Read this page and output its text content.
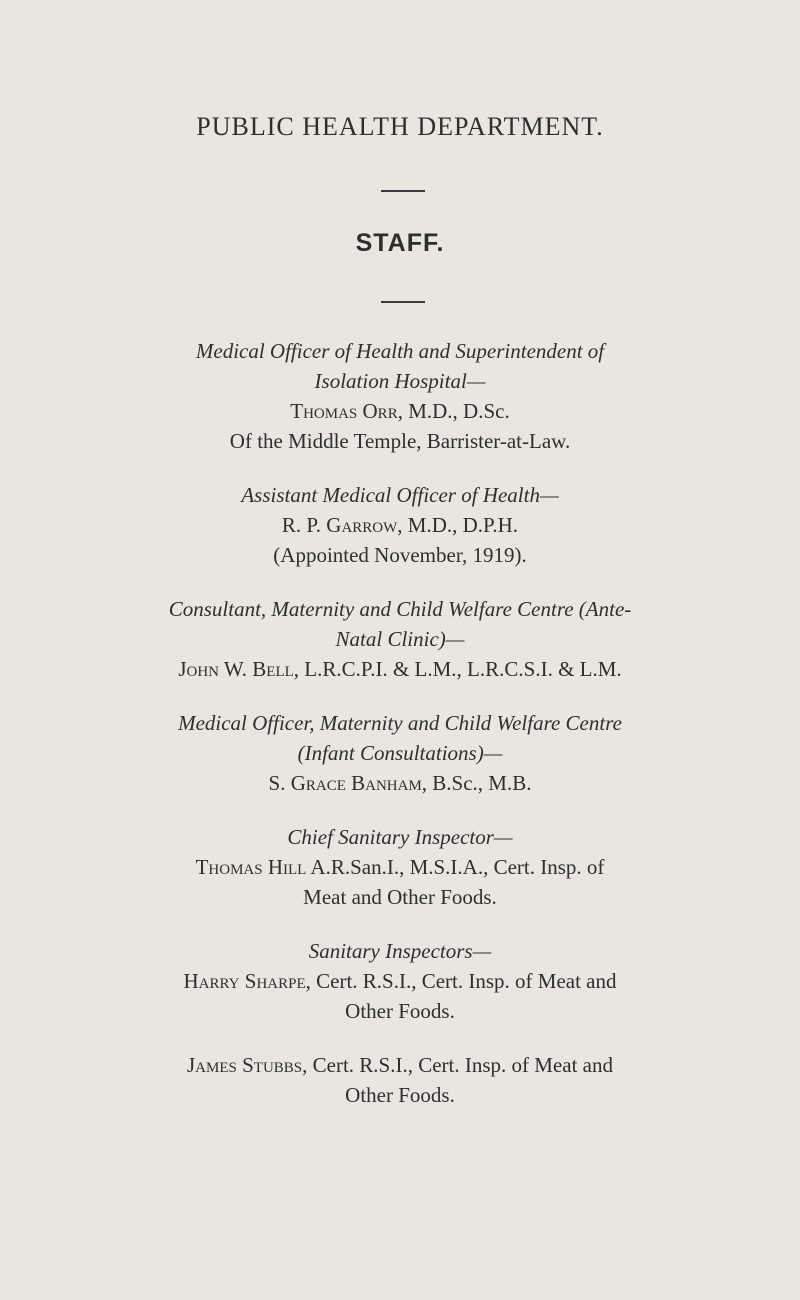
PUBLIC HEALTH DEPARTMENT.
STAFF.
Medical Officer of Health and Superintendent of
Isolation Hospital—
Thomas Orr, M.D., D.Sc.
Of the Middle Temple, Barrister-at-Law.
Assistant Medical Officer of Health—
R. P. Garrow, M.D., D.P.H.
(Appointed November, 1919).
Consultant, Maternity and Child Welfare Centre (Ante-
Natal Clinic)—
John W. Bell, L.R.C.P.I. & L.M., L.R.C.S.I. & L.M.
Medical Officer, Maternity and Child Welfare Centre
(Infant Consultations)—
S. Grace Banham, B.Sc., M.B.
Chief Sanitary Inspector—
Thomas Hill A.R.San.I., M.S.I.A., Cert. Insp. of
Meat and Other Foods.
Sanitary Inspectors—
Harry Sharpe, Cert. R.S.I., Cert. Insp. of Meat and
Other Foods.
James Stubbs, Cert. R.S.I., Cert. Insp. of Meat and
Other Foods.
